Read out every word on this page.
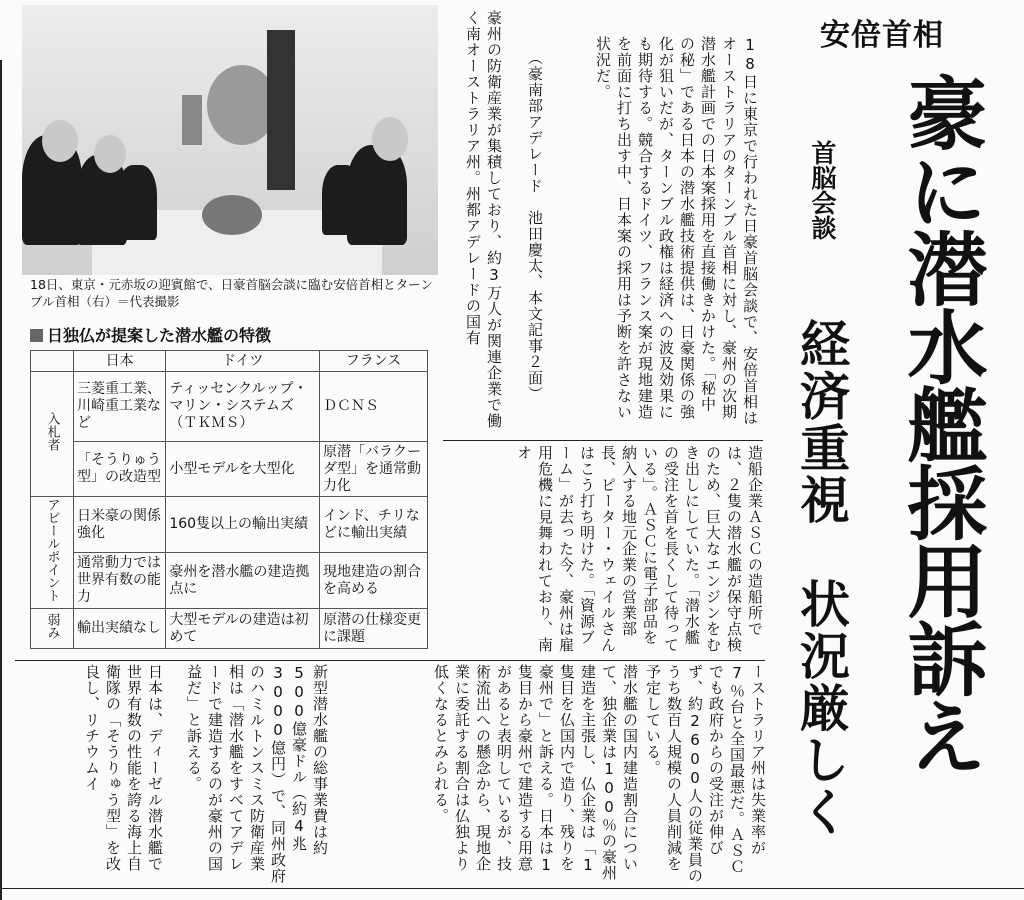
18日、東京・元赤坂の迎賓館で、日豪首脳会談に臨む安倍首相とターンブル首相（右）＝代表撮影
日独仏が提案した潜水艦の特徴
	日本	ドイツ	フランス
入札者	三菱重工業、川崎重工業など	ティッセンクルップ・マリン・システムズ（ＴＫＭＳ）	ＤＣＮＳ
	「そうりゅう型」の改造型	小型モデルを大型化	原潜「バラクーダ型」を通常動力化
アピールポイント	日米豪の関係強化	160隻以上の輸出実績	インド、チリなどに輸出実績
	通常動力では世界有数の能力	豪州を潜水艦の建造拠点に	現地建造の割合を高める
弱み	輸出実績なし	大型モデルの建造は初めて	原潜の仕様変更に課題
18日に東京で行われた日豪首脳会談で、安倍首相はオーストラリアのターンブル首相に対し、豪州の次期潜水艦計画での日本案採用を直接働きかけた。「秘中の秘」である日本の潜水艦技術提供は、日豪関係の強化が狙いだが、ターンブル政権は経済への波及効果にも期待する。競合するドイツ、フランス案が現地建造を前面に打ち出す中、日本案の採用は予断を許さない状況だ。
（豪南部アデレード　池田慶太、本文記事２面）
豪州の防衛産業が集積しており、約3万人が関連企業で働く南オーストラリア州。州都アデレードの国有
造船企業ＡＳＣの造船所では、２隻の潜水艦が保守点検のため、巨大なエンジンをむき出しにしていた。「潜水艦の受注を首を長くして待っている」。ＡＳＣに電子部品を納入する地元企業の営業部長、ピーター・ウェイルさんはこう打ち明けた。「資源ブーム」が去った今、豪州は雇用危機に見舞われており、南オ
ーストラリア州は失業率が7％台と全国最悪だ。ＡＳＣでも政府からの受注が伸びず、約2600人の従業員のうち数百人規模の人員削減を予定している。
潜水艦の国内建造割合について、独企業は100％の豪州建造を主張し、仏企業は「1隻目を仏国内で造り、残りを豪州で」と訴える。日本は1隻目から豪州で建造する用意があると表明しているが、技術流出への懸念から、現地企業に委託する割合は仏独より低くなるとみられる。
新型潜水艦の総事業費は約500億豪ドル（約4兆3000億円）で、同州政府のハミルトンスミス防衛産業相は「潜水艦をすべてアデレードで建造するのが豪州の国益だ」と訴える。
日本は、ディーゼル潜水艦で世界有数の性能を誇る海上自衛隊の「そうりゅう型」を改良し、リチウムイ
安倍首相
豪に潜水艦採用訴え
首脳会談
経済重視　状況厳しく
